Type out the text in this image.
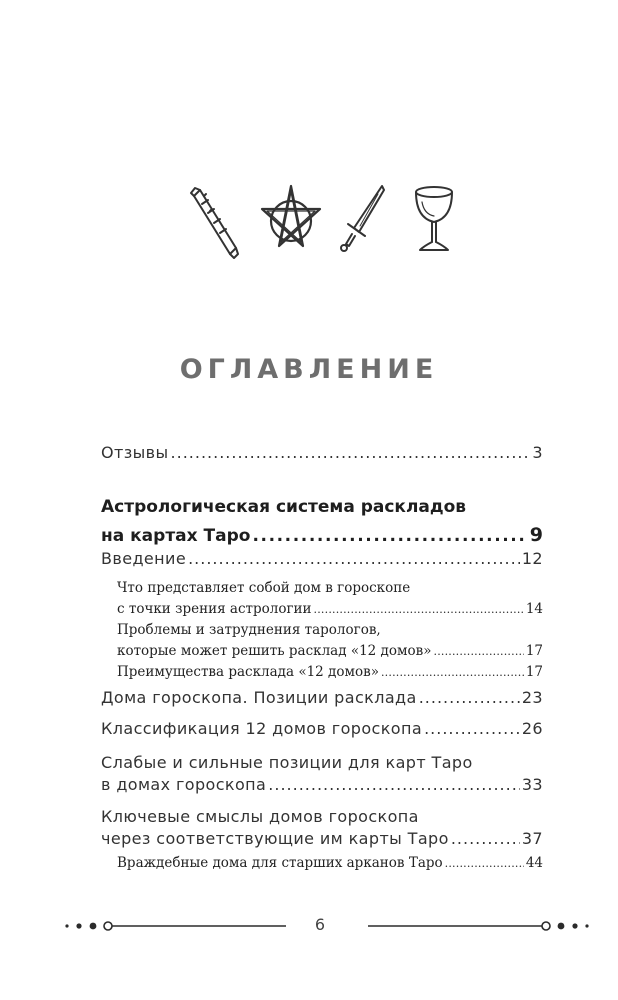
ОГЛАВЛЕНИЕ
Отзывы .....	3
Астрологическая система раскладов
на картах Таро .....	9
Введение .....	12
Что представляет собой дом в гороскопе
с точки зрения астрологии .....	14
Проблемы и затруднения тарологов,
которые может решить расклад «12 домов» .....	17
Преимущества расклада «12 домов» .....	17
Дома гороскопа. Позиции расклада .....	23
Классификация 12 домов гороскопа .....	26
Слабые и сильные позиции для карт Таро
в домах гороскопа .....	33
Ключевые смыслы домов гороскопа
через соответствующие им карты Таро .....	37
Враждебные дома для старших арканов Таро .....	44
6
